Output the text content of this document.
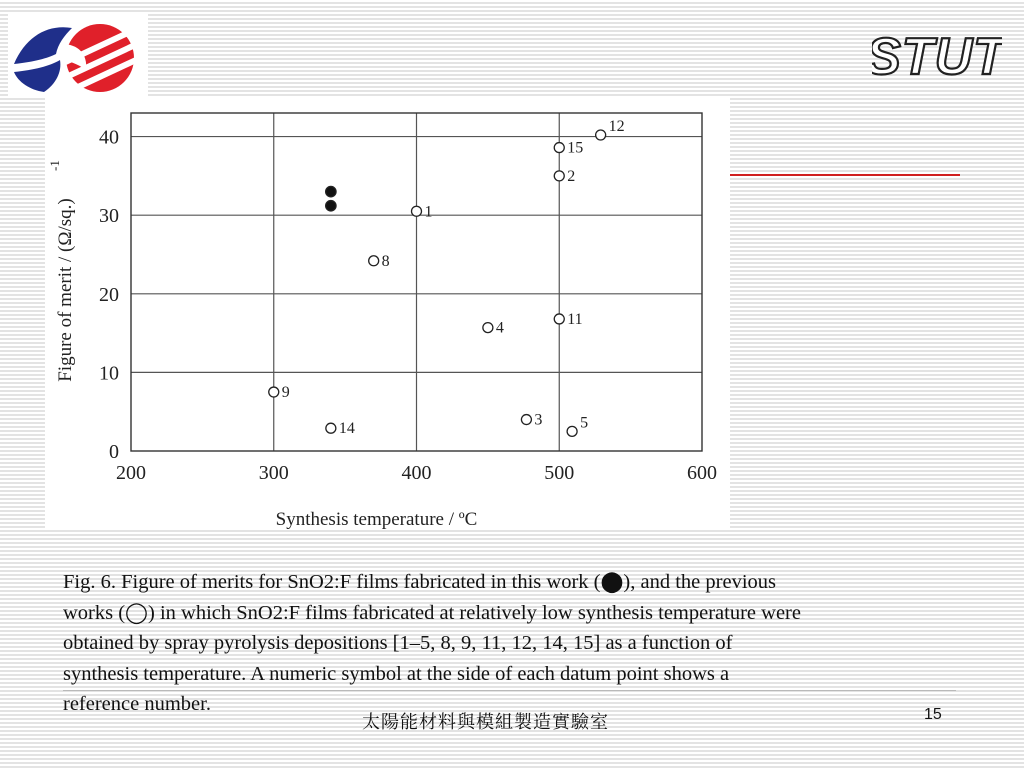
STUT
200	300	400	500	600
0
10
20
30
40
1
2
3
4
5
8
9
11
12
14
15
Synthesis temperature / ºC
Figure of merit / (Ω/sq.)
-1
Fig. 6. Figure of merits for SnO2:F films fabricated in this work (⬤), and the previous
works (◯) in which SnO2:F films fabricated at relatively low synthesis temperature were
obtained by spray pyrolysis depositions [1–5, 8, 9, 11, 12, 14, 15] as a function of
synthesis temperature. A numeric symbol at the side of each datum point shows a
reference number.
太陽能材料與模組製造實驗室	15
